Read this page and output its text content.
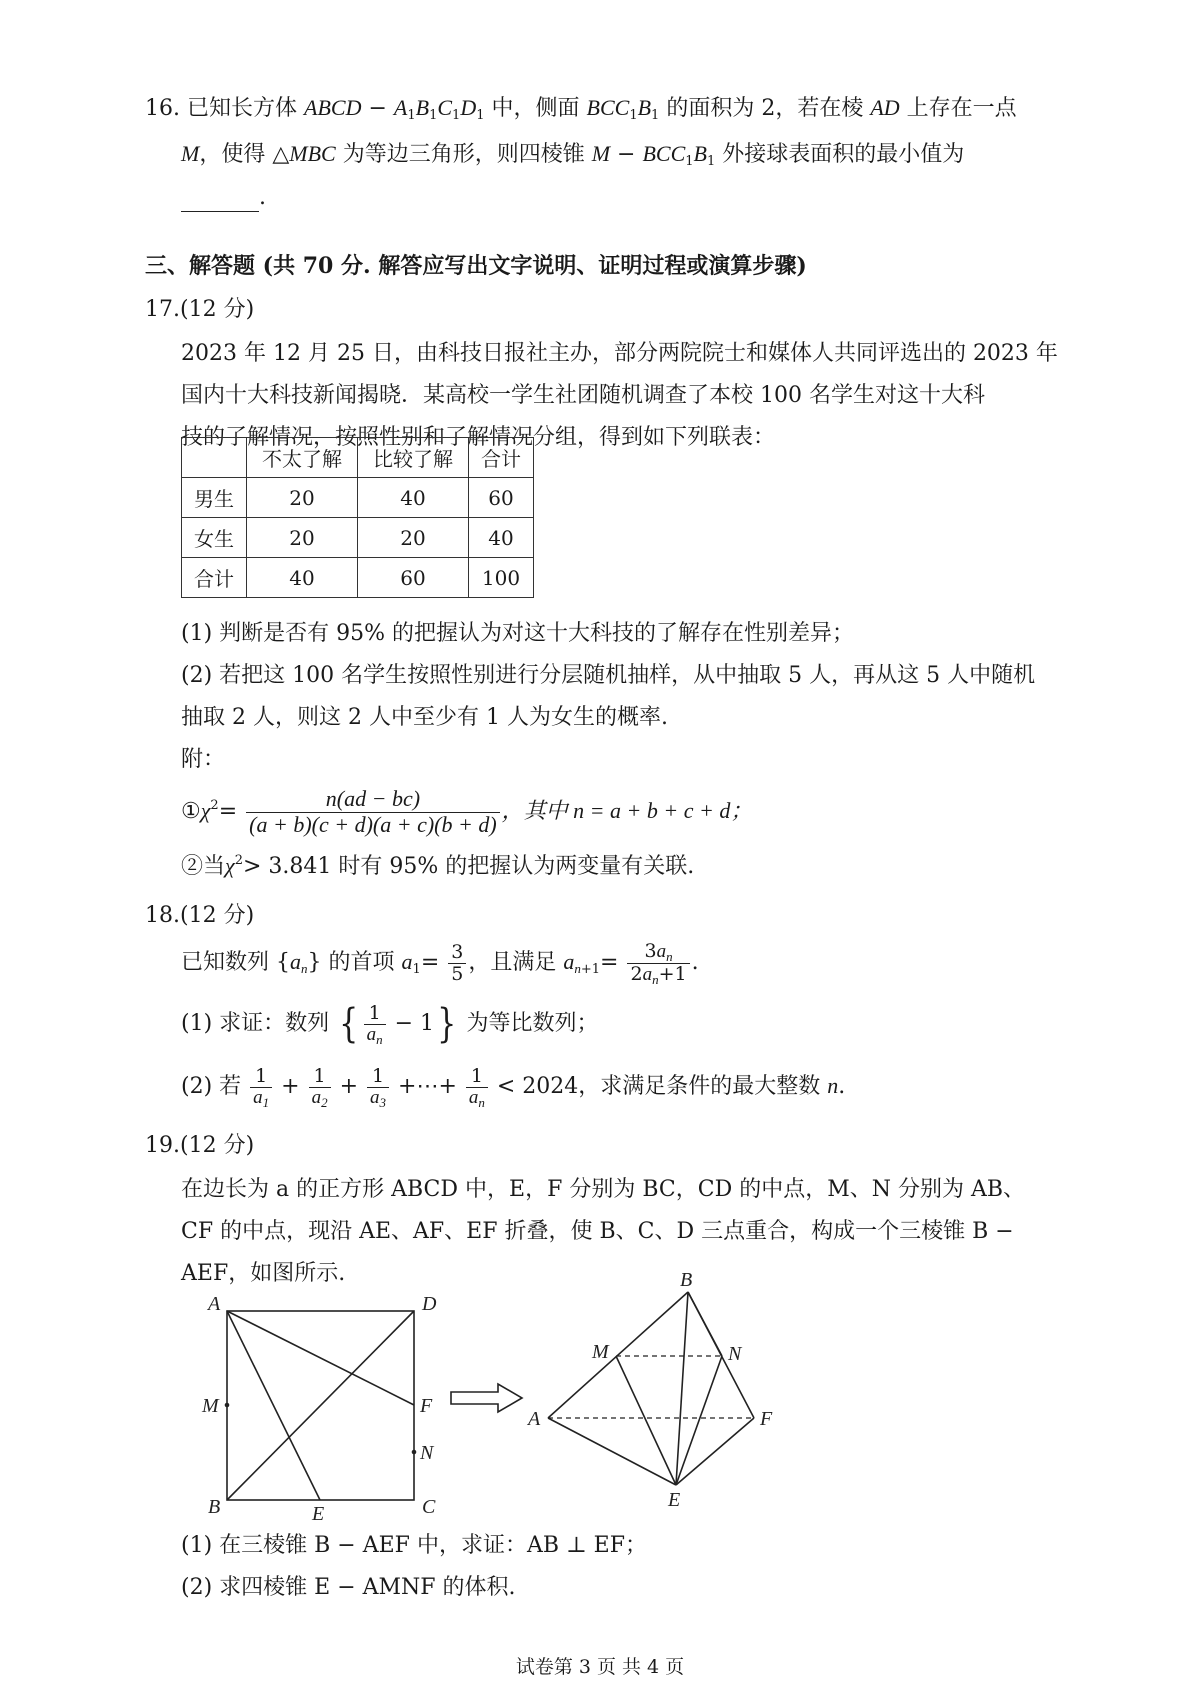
16. 已知长方体 ABCD − $A_1B_1C_1D_1$ 中，侧面 $BCC_1B_1$ 的面积为 2，若在棱 AD 上存在一点
M，使得 △MBC 为等边三角形，则四棱锥 $M - BCC_1B_1$ 外接球表面积的最小值为
.
三、解答题 (共 70 分. 解答应写出文字说明、证明过程或演算步骤)
17.(12 分)
2023 年 12 月 25 日，由科技日报社主办，部分两院院士和媒体人共同评选出的 2023 年
国内十大科技新闻揭晓．某高校一学生社团随机调查了本校 100 名学生对这十大科
技的了解情况，按照性别和了解情况分组，得到如下列联表：
	不太了解	比较了解	合计
男生	20	40	60
女生	20	20	40
合计	40	60	100
(1) 判断是否有 95% 的把握认为对这十大科技的了解存在性别差异；
(2) 若把这 100 名学生按照性别进行分层随机抽样，从中抽取 5 人，再从这 5 人中随机
抽取 2 人，则这 2 人中至少有 1 人为女生的概率.
附：
$①\chi^2= \frac{n(ad - bc)}{(a + b)(c + d)(a + c)(b + d)}$ ，其中 n = a + b + c + d；
②当$\chi^2> 3.841$ 时有 95% 的把握认为两变量有关联.
18.(12 分)
已知数列 $\{a_n\}$ 的首项 $a_1= \frac{3}{5}$ ，且满足 $a_{n+1}= \frac{3a_n}{2a_n+1}$ .
(1) 求证：数列 { $\frac{1}{a_n} - 1$} 为等比数列；
(2) 若 $\frac{1}{a_1} + \frac{1}{a_2} + \frac{1}{a_3}$ +⋯+ $\frac{1}{a_n} < 2024$，求满足条件的最大整数 n.
19.(12 分)
在边长为 a 的正方形 ABCD 中，E，F 分别为 BC，CD 的中点，M、N 分别为 AB、
CF 的中点，现沿 AE、AF、EF 折叠，使 B、C、D 三点重合，构成一个三棱锥 B −
AEF，如图所示.
A	D
M	F
N
B	E	C
B
M	N
A	F
E
(1) 在三棱锥 B − AEF 中，求证：AB ⊥ EF；
(2) 求四棱锥 E − AMNF 的体积.
试卷第 3 页 共 4 页
